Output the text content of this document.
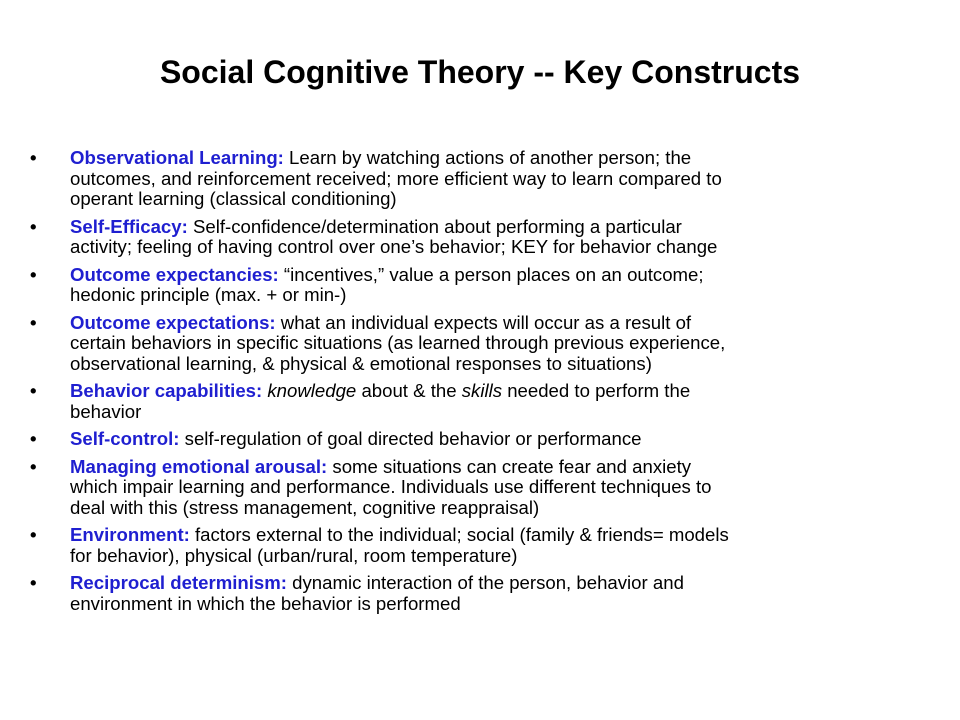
Social Cognitive Theory -- Key Constructs
• Observational Learning: Learn by watching actions of another person; the
outcomes, and reinforcement received; more efficient way to learn compared to
operant learning (classical conditioning)
• Self-Efficacy: Self-confidence/determination about performing a particular
activity; feeling of having control over one’s behavior; KEY for behavior change
• Outcome expectancies: “incentives,” value a person places on an outcome;
hedonic principle (max. + or min-)
• Outcome expectations: what an individual expects will occur as a result of
certain behaviors in specific situations (as learned through previous experience,
observational learning, & physical & emotional responses to situations)
• Behavior capabilities: knowledge about & the skills needed to perform the
behavior
• Self-control: self-regulation of goal directed behavior or performance
• Managing emotional arousal: some situations can create fear and anxiety
which impair learning and performance. Individuals use different techniques to
deal with this (stress management, cognitive reappraisal)
• Environment: factors external to the individual; social (family & friends= models
for behavior), physical (urban/rural, room temperature)
• Reciprocal determinism: dynamic interaction of the person, behavior and
environment in which the behavior is performed
